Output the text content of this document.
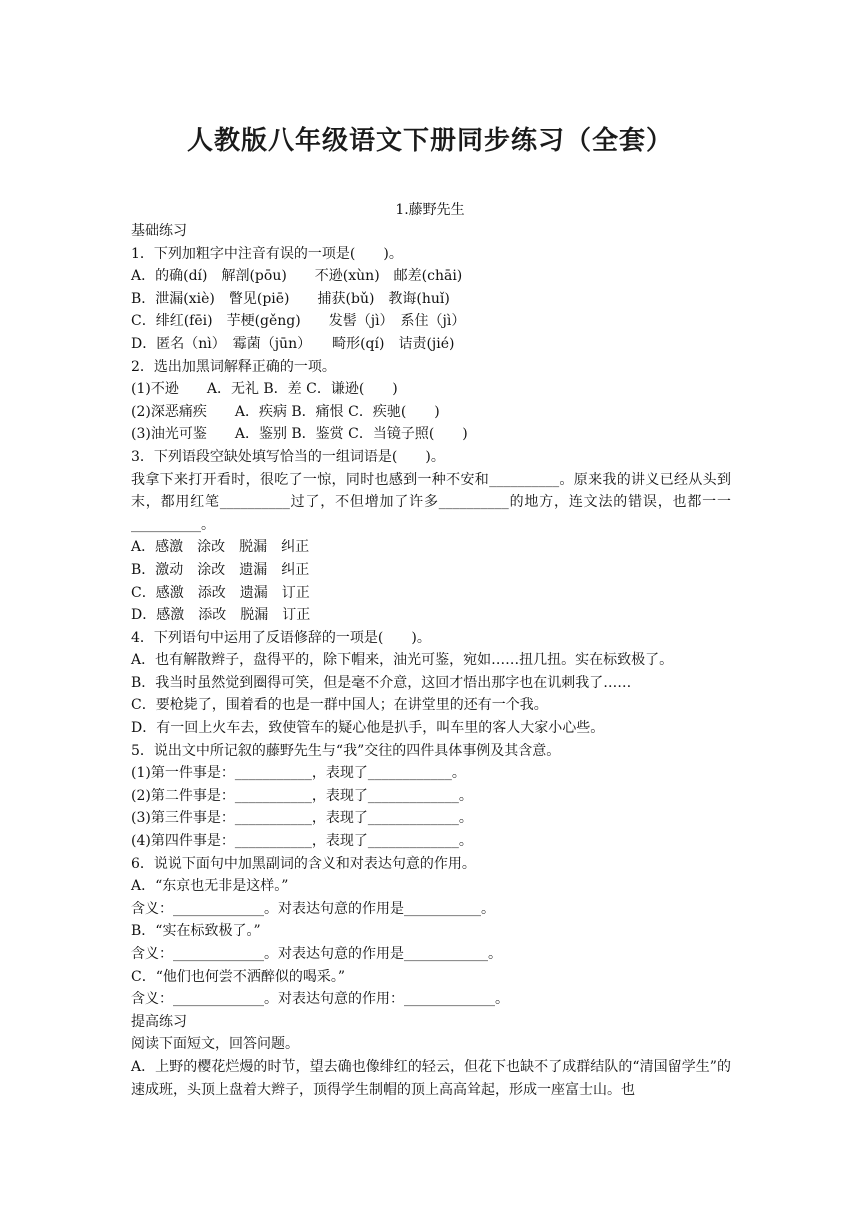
人教版八年级语文下册同步练习（全套）
1.藤野先生
基础练习
1．下列加粗字中注音有误的一项是(　　)。
A．的确(dí)　解剖(pōu)　　不逊(xùn)　邮差(chāi)
B．泄漏(xiè)　瞥见(piē)　　捕获(bǔ)　教诲(huǐ)
C．绯红(fēi)　芋梗(gěng)　　发髻（jì）　系住（jì）
D．匿名（nì）　霉菌（jūn）　　畸形(qí)　诘责(jié)
2．选出加黑词解释正确的一项。
(1)不逊　　A．无礼 B．差 C．谦逊(　　)
(2)深恶痛疾　　A．疾病 B．痛恨 C．疾驰(　　)
(3)油光可鉴　　A．鉴别 B．鉴赏 C．当镜子照(　　)
3．下列语段空缺处填写恰当的一组词语是(　　)。
我拿下来打开看时，很吃了一惊，同时也感到一种不安和__________。原来我的讲义已经从头到末，都用红笔__________过了，不但增加了许多__________的地方，连文法的错误，也都一一__________。
A．感激　涂改　脱漏　纠正
B．激动　涂改　遗漏　纠正
C．感激　添改　遗漏　订正
D．感激　添改　脱漏　订正
4．下列语句中运用了反语修辞的一项是(　　)。
A．也有解散辫子，盘得平的，除下帽来，油光可鉴，宛如……扭几扭。实在标致极了。
B．我当时虽然觉到圈得可笑，但是毫不介意，这回才悟出那字也在讥刺我了……
C．要枪毙了，围着看的也是一群中国人；在讲堂里的还有一个我。
D．有一回上火车去，致使管车的疑心他是扒手，叫车里的客人大家小心些。
5．说出文中所记叙的藤野先生与“我”交往的四件具体事例及其含意。
(1)第一件事是：___________，表现了____________。
(2)第二件事是：___________，表现了_____________。
(3)第三件事是：___________，表现了_____________。
(4)第四件事是：___________，表现了_____________。
6．说说下面句中加黑副词的含义和对表达句意的作用。
A．“东京也无非是这样。”
含义：_____________。对表达句意的作用是___________。
B．“实在标致极了。”
含义：_____________。对表达句意的作用是____________。
C．“他们也何尝不洒醉似的喝采。”
含义：_____________。对表达句意的作用：_____________。
提高练习
阅读下面短文，回答问题。
A．上野的樱花烂熳的时节，望去确也像绯红的轻云，但花下也缺不了成群结队的“清国留学生”的速成班，头顶上盘着大辫子，顶得学生制帽的顶上高高耸起，形成一座富士山。也
